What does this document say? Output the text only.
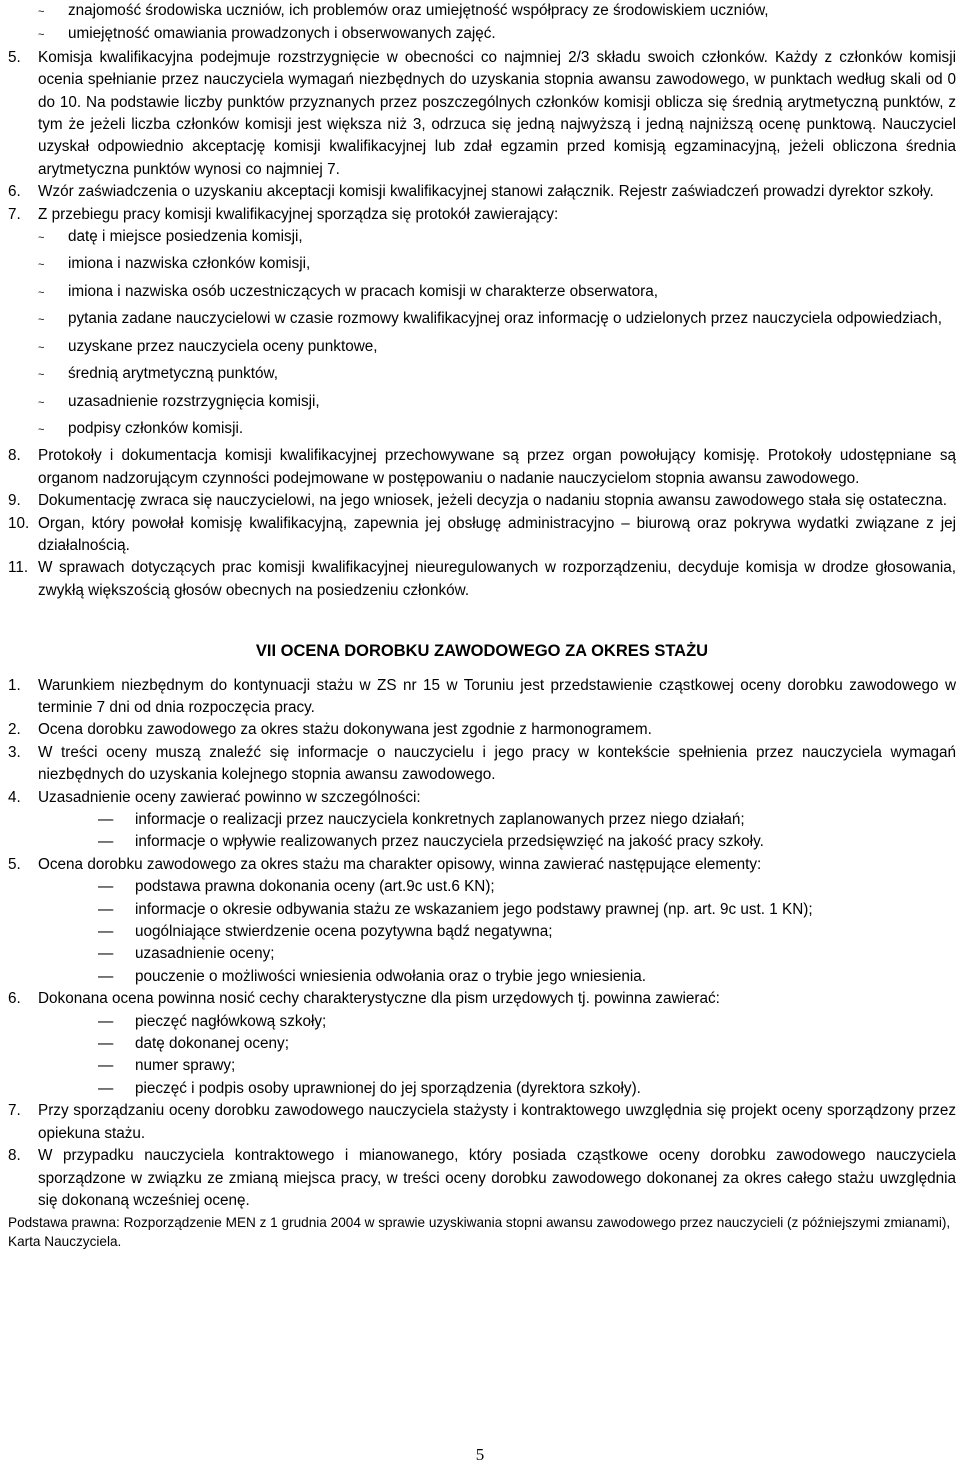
~	znajomość środowiska uczniów, ich problemów oraz umiejętność współpracy ze środowiskiem uczniów,
~	umiejętność omawiania prowadzonych i obserwowanych zajęć.
5.	Komisja kwalifikacyjna podejmuje rozstrzygnięcie w obecności co najmniej 2/3 składu swoich członków. Każdy z członków komisji ocenia spełnianie przez nauczyciela wymagań niezbędnych do uzyskania stopnia awansu zawodowego, w punktach według skali od 0 do 10. Na podstawie liczby punktów przyznanych przez poszczególnych członków komisji oblicza się średnią arytmetyczną punktów, z tym że jeżeli liczba członków komisji jest większa niż 3, odrzuca się jedną najwyższą i jedną najniższą ocenę punktową. Nauczyciel uzyskał odpowiednio akceptację komisji kwalifikacyjnej lub zdał egzamin przed komisją egzaminacyjną, jeżeli obliczona średnia arytmetyczna punktów wynosi co najmniej 7.
6.	Wzór zaświadczenia o uzyskaniu akceptacji komisji kwalifikacyjnej stanowi załącznik. Rejestr zaświadczeń prowadzi dyrektor szkoły.
7.	Z przebiegu pracy komisji kwalifikacyjnej sporządza się protokół zawierający:
~	datę i miejsce posiedzenia komisji,
~	imiona i nazwiska członków komisji,
~	imiona i nazwiska osób uczestniczących w pracach komisji w charakterze obserwatora,
~	pytania zadane nauczycielowi w czasie rozmowy kwalifikacyjnej oraz informację o udzielonych przez nauczyciela odpowiedziach,
~	uzyskane przez nauczyciela oceny punktowe,
~	średnią arytmetyczną punktów,
~	uzasadnienie rozstrzygnięcia komisji,
~	podpisy członków komisji.
8.	Protokoły i dokumentacja komisji kwalifikacyjnej przechowywane są przez organ powołujący komisję. Protokoły udostępniane są organom nadzorującym czynności podejmowane w postępowaniu o nadanie nauczycielom stopnia awansu zawodowego.
9.	Dokumentację zwraca się nauczycielowi, na jego wniosek, jeżeli decyzja o nadaniu stopnia awansu zawodowego stała się ostateczna.
10. Organ, który powołał komisję kwalifikacyjną, zapewnia jej obsługę administracyjno – biurową oraz pokrywa wydatki związane z jej działalnością.
11. W sprawach dotyczących prac komisji kwalifikacyjnej nieuregulowanych w rozporządzeniu, decyduje komisja w drodze głosowania, zwykłą większością głosów obecnych na posiedzeniu członków.
VII OCENA DOROBKU ZAWODOWEGO ZA OKRES STAŻU
1.	Warunkiem niezbędnym do kontynuacji stażu w ZS nr 15 w Toruniu jest przedstawienie cząstkowej oceny dorobku zawodowego w terminie 7 dni od dnia rozpoczęcia pracy.
2.	Ocena dorobku zawodowego za okres stażu dokonywana jest zgodnie z harmonogramem.
3.	W treści oceny muszą znaleźć się informacje o nauczycielu i jego pracy w kontekście spełnienia przez nauczyciela wymagań niezbędnych do uzyskania kolejnego stopnia awansu zawodowego.
4.	Uzasadnienie oceny zawierać powinno w szczególności:
—	informacje o realizacji przez nauczyciela konkretnych zaplanowanych przez niego działań;
—	informacje o wpływie realizowanych przez nauczyciela przedsięwzięć na jakość pracy szkoły.
5.	Ocena dorobku zawodowego za okres stażu ma charakter opisowy, winna zawierać następujące elementy:
—	podstawa prawna dokonania oceny (art.9c ust.6 KN);
—	informacje o okresie odbywania stażu ze wskazaniem jego podstawy prawnej (np. art. 9c ust. 1 KN);
—	uogólniające stwierdzenie ocena pozytywna bądź negatywna;
—	uzasadnienie oceny;
—	pouczenie o możliwości wniesienia odwołania oraz o trybie jego wniesienia.
6.	Dokonana ocena powinna nosić cechy charakterystyczne dla pism urzędowych tj. powinna zawierać:
—	pieczęć nagłówkową szkoły;
—	datę dokonanej oceny;
—	numer sprawy;
—	pieczęć i podpis osoby uprawnionej do jej sporządzenia (dyrektora szkoły).
7.	Przy sporządzaniu oceny dorobku zawodowego nauczyciela stażysty i kontraktowego uwzględnia się projekt oceny sporządzony przez opiekuna stażu.
8.	W przypadku nauczyciela kontraktowego i mianowanego, który posiada cząstkowe oceny dorobku zawodowego nauczyciela sporządzone w związku ze zmianą miejsca pracy, w treści oceny dorobku zawodowego dokonanej za okres całego stażu uwzględnia się dokonaną wcześniej ocenę.
Podstawa prawna: Rozporządzenie MEN z 1 grudnia 2004 w sprawie uzyskiwania stopni awansu zawodowego przez nauczycieli (z późniejszymi zmianami), Karta Nauczyciela.
5
